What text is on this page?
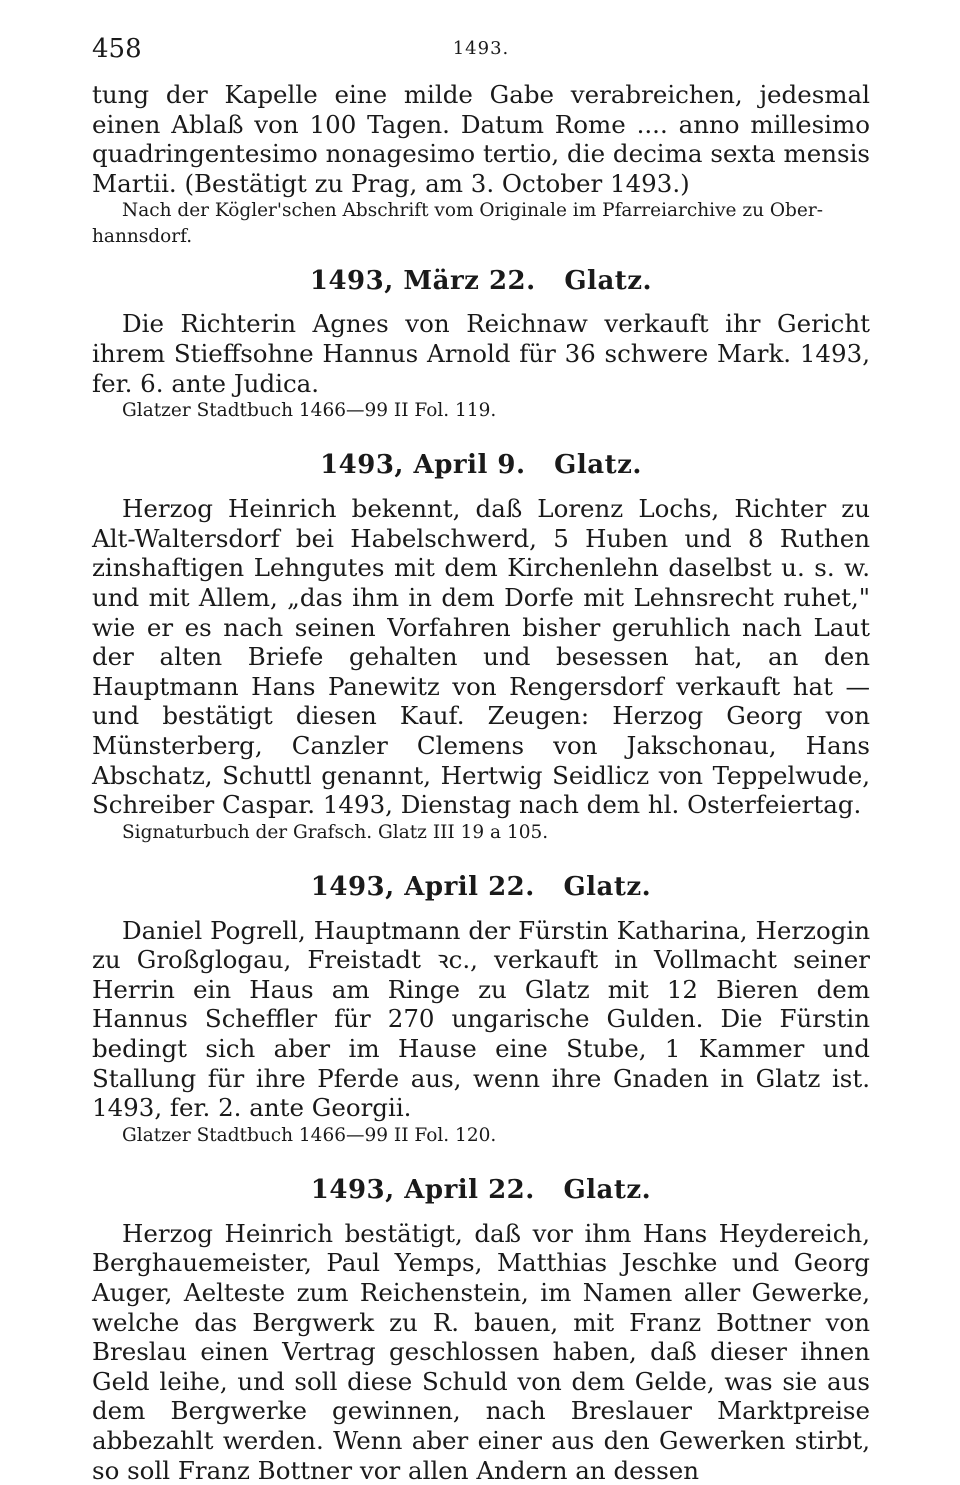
458	1493.

tung der Kapelle eine milde Gabe verabreichen, jedesmal einen Ablaß von 100 Tagen. Datum Rome .... anno millesimo quadringentesimo nonagesimo tertio, die decima sexta mensis Martii. (Bestätigt zu Prag, am 3. October 1493.)

Nach der Kögler'schen Abschrift vom Originale im Pfarreiarchive zu Ober-hannsdorf.

1493, März 22.   Glatz.

Die Richterin Agnes von Reichnaw verkauft ihr Gericht ihrem Stieffsohne Hannus Arnold für 36 schwere Mark. 1493, fer. 6. ante Judica.

Glatzer Stadtbuch 1466—99 II Fol. 119.

1493, April 9.   Glatz.

Herzog Heinrich bekennt, daß Lorenz Lochs, Richter zu Alt-Waltersdorf bei Habelschwerd, 5 Huben und 8 Ruthen zinshaftigen Lehngutes mit dem Kirchenlehn daselbst u. s. w. und mit Allem, „das ihm in dem Dorfe mit Lehnsrecht ruhet," wie er es nach seinen Vorfahren bisher geruhlich nach Laut der alten Briefe gehalten und besessen hat, an den Hauptmann Hans Panewitz von Rengersdorf verkauft hat — und bestätigt diesen Kauf. Zeugen: Herzog Georg von Münsterberg, Canzler Clemens von Jakschonau, Hans Abschatz, Schuttl genannt, Hertwig Seidlicz von Teppelwude, Schreiber Caspar. 1493, Dienstag nach dem hl. Osterfeiertag.

Signaturbuch der Grafsch. Glatz III 19 a 105.

1493, April 22.   Glatz.

Daniel Pogrell, Hauptmann der Fürstin Katharina, Herzogin zu Großglogau, Freistadt ꝛc., verkauft in Vollmacht seiner Herrin ein Haus am Ringe zu Glatz mit 12 Bieren dem Hannus Scheffler für 270 ungarische Gulden. Die Fürstin bedingt sich aber im Hause eine Stube, 1 Kammer und Stallung für ihre Pferde aus, wenn ihre Gnaden in Glatz ist. 1493, fer. 2. ante Georgii.

Glatzer Stadtbuch 1466—99 II Fol. 120.

1493, April 22.   Glatz.

Herzog Heinrich bestätigt, daß vor ihm Hans Heydereich, Berghauemeister, Paul Yemps, Matthias Jeschke und Georg Auger, Aelteste zum Reichenstein, im Namen aller Gewerke, welche das Bergwerk zu R. bauen, mit Franz Bottner von Breslau einen Vertrag geschlossen haben, daß dieser ihnen Geld leihe, und soll diese Schuld von dem Gelde, was sie aus dem Bergwerke gewinnen, nach Breslauer Marktpreise abbezahlt werden. Wenn aber einer aus den Gewerken stirbt, so soll Franz Bottner vor allen Andern an dessen
